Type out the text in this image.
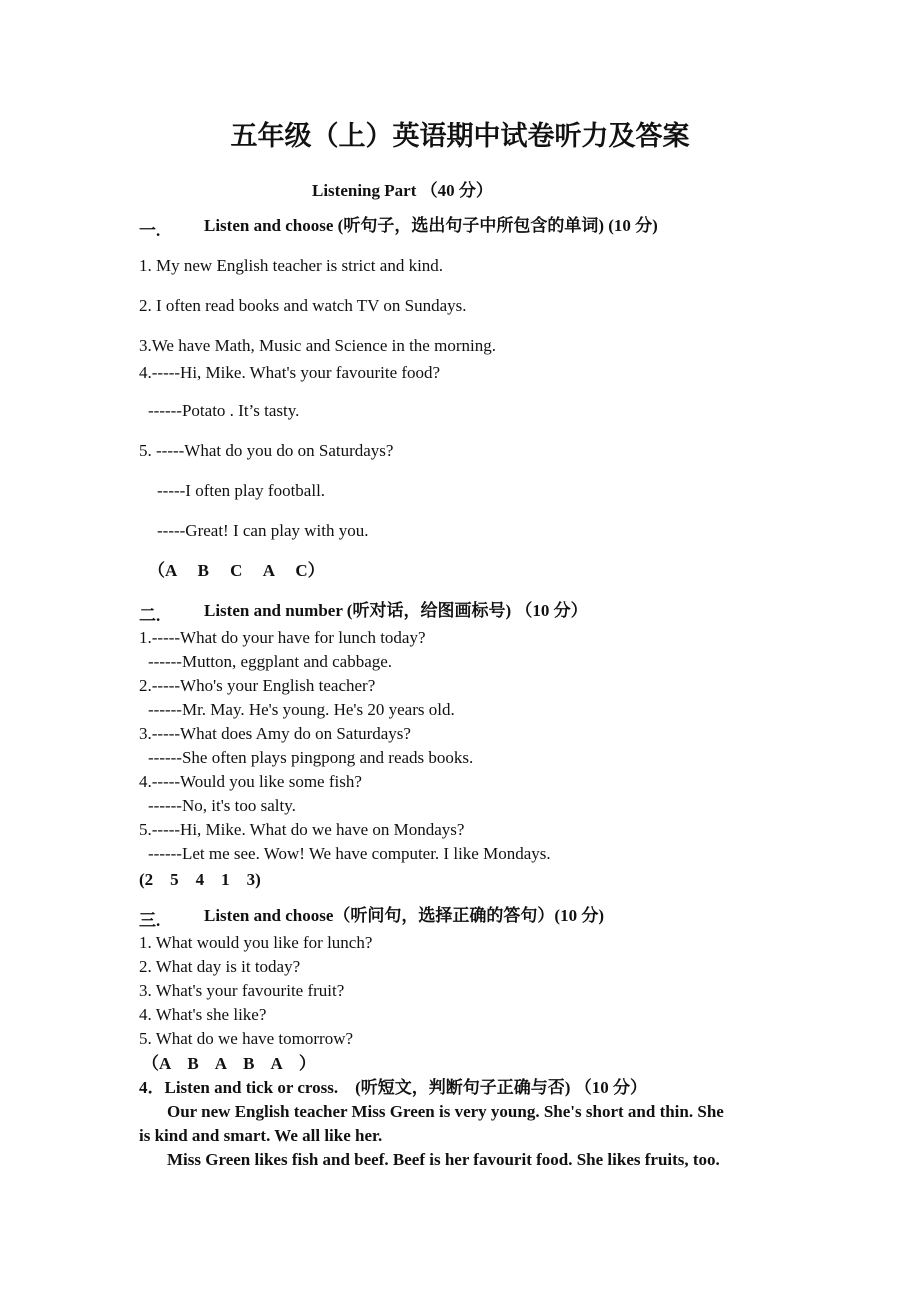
五年级（上）英语期中试卷听力及答案
Listening Part （40 分）
一.	Listen and choose (听句子，选出句子中所包含的单词) (10 分)
1. My new English teacher is strict and kind.
2. I often read books and watch TV on Sundays.
3.We have Math, Music and Science in the morning.
4.-----Hi, Mike. What's your favourite food?
------Potato . It’s tasty.
5. -----What do you do on Saturdays?
-----I often play football.
-----Great! I can play with you.
（A     B     C     A     C）
二.	Listen and number (听对话，给图画标号) （10 分）
1.-----What do your have for lunch today?
------Mutton, eggplant and cabbage.
2.-----Who's your English teacher?
------Mr. May. He's young. He's 20 years old.
3.-----What does Amy do on Saturdays?
------She often plays pingpong and reads books.
4.-----Would you like some fish?
------No, it's too salty.
5.-----Hi, Mike. What do we have on Mondays?
------Let me see. Wow! We have computer. I like Mondays.
(2    5    4    1    3)
三.	Listen and choose（听问句，选择正确的答句）(10 分)
1. What would you like for lunch?
2. What day is it today?
3. What's your favourite fruit?
4. What's she like?
5. What do we have tomorrow?
（A    B    A    B    A    ）
4．Listen and tick or cross.    (听短文，判断句子正确与否) （10 分）
Our new English teacher Miss Green is very young. She's short and thin. She
is kind and smart. We all like her.
Miss Green likes fish and beef. Beef is her favourit food. She likes fruits, too.
